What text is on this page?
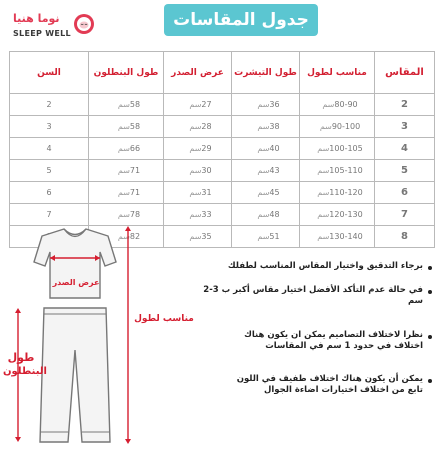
نوما هنيا
SLEEP WELL
جدول المقاسات
المقاس	مناسب لطول	طول التيشرت	عرض الصدر	طول البنطلون	السن
2	80-90سم	36سم	27سم	58سم	2
3	90-100سم	38سم	28سم	58سم	3
4	100-105سم	40سم	29سم	66سم	4
5	105-110سم	43سم	30سم	71سم	5
6	110-120سم	45سم	31سم	71سم	6
7	120-130سم	48سم	33سم	78سم	7
8	130-140سم	51سم	35سم	82سم	
عرض الصدر
مناسب لطول
طول
البنطلون
برجاء التدقيق واختيار المقاس المناسب لطفلك
في حالة عدم التأكد الأفضل اختيار مقاس أكبر ب 3-2 سم
نظرا لاختلاف التصاميم يمكن ان يكون هناك اختلاف في حدود 1 سم في المقاسات
يمكن أن يكون هناك اختلاف طفيف في اللون تابع من اختلاف اختيارات اضاءة الجوال
